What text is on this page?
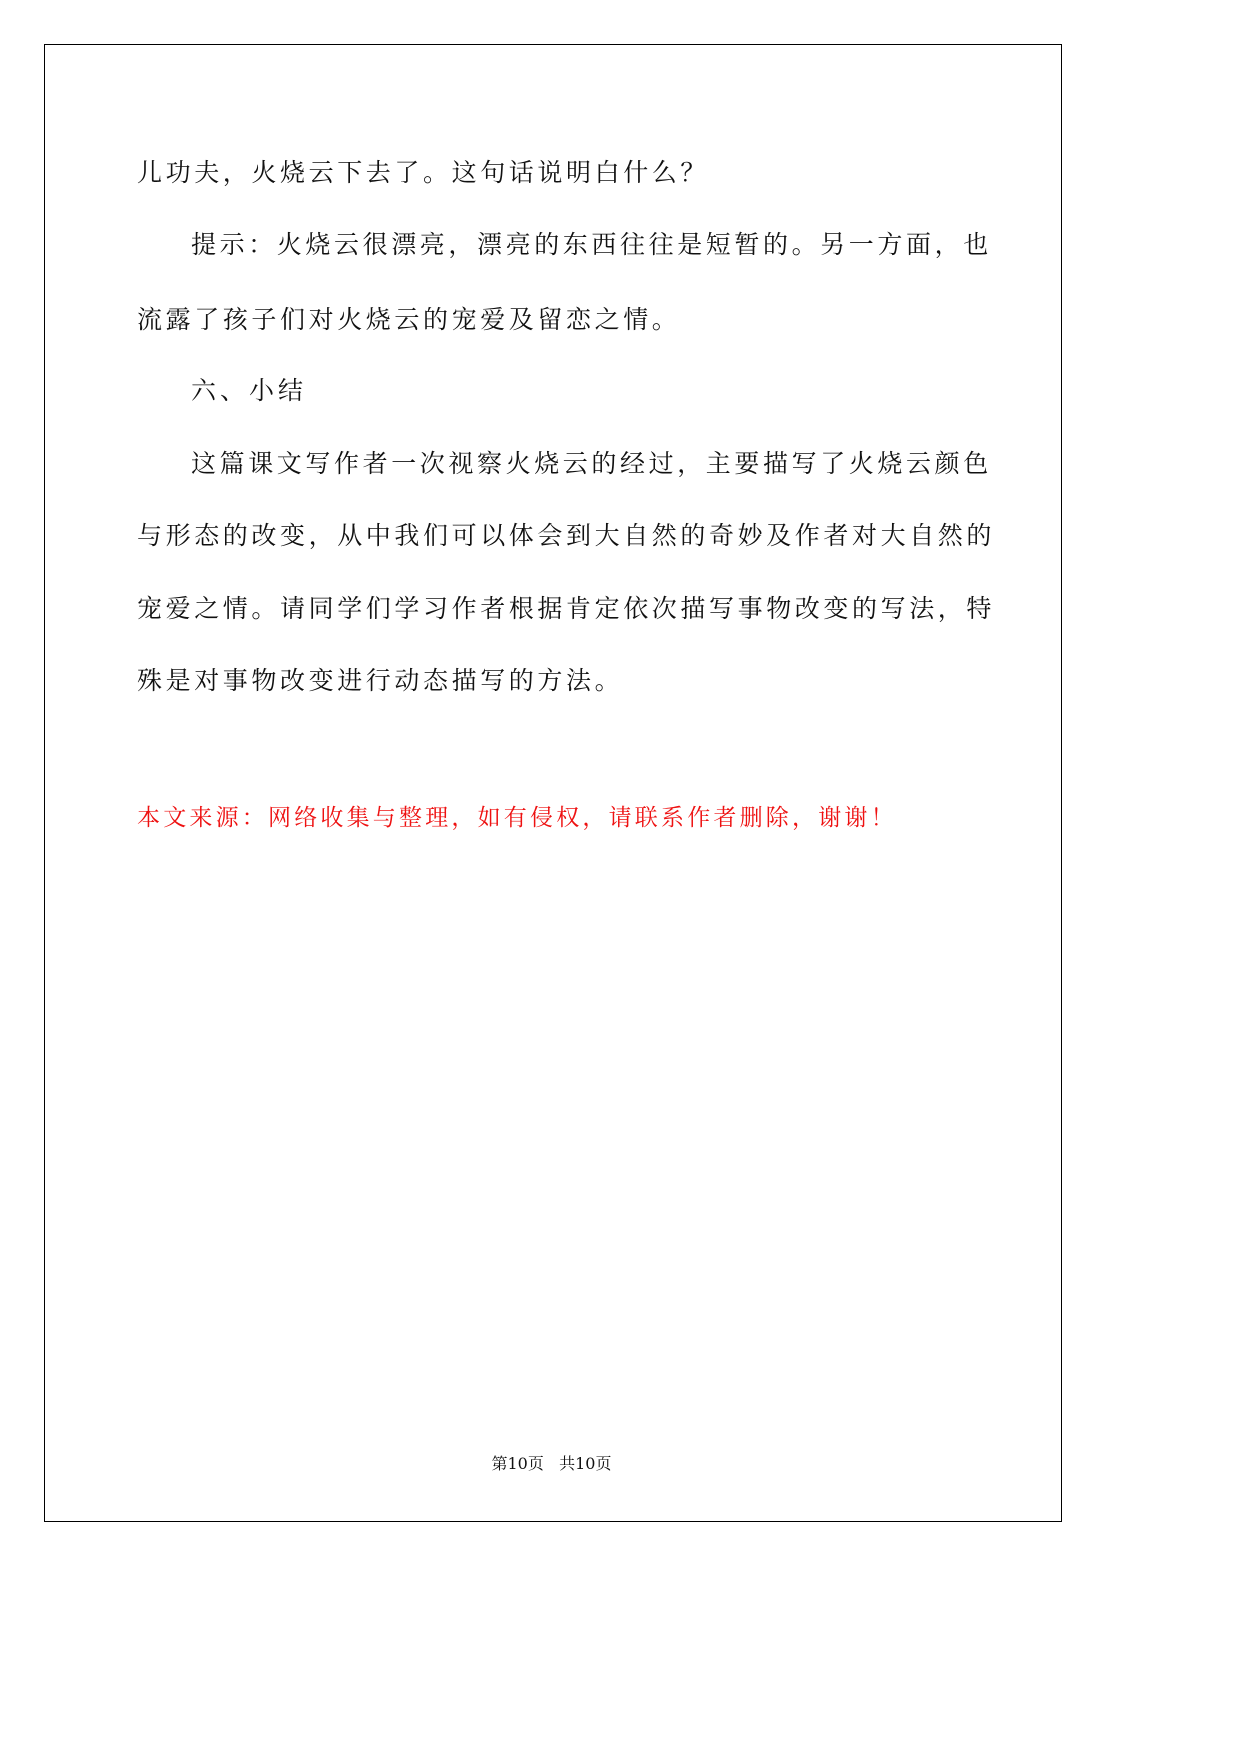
儿功夫，火烧云下去了。这句话说明白什么？
提示：火烧云很漂亮，漂亮的东西往往是短暂的。另一方面，也
流露了孩子们对火烧云的宠爱及留恋之情。
六、小结
这篇课文写作者一次视察火烧云的经过，主要描写了火烧云颜色
与形态的改变，从中我们可以体会到大自然的奇妙及作者对大自然的
宠爱之情。请同学们学习作者根据肯定依次描写事物改变的写法，特
殊是对事物改变进行动态描写的方法。
本文来源：网络收集与整理，如有侵权，请联系作者删除，谢谢！
第10页 共10页
